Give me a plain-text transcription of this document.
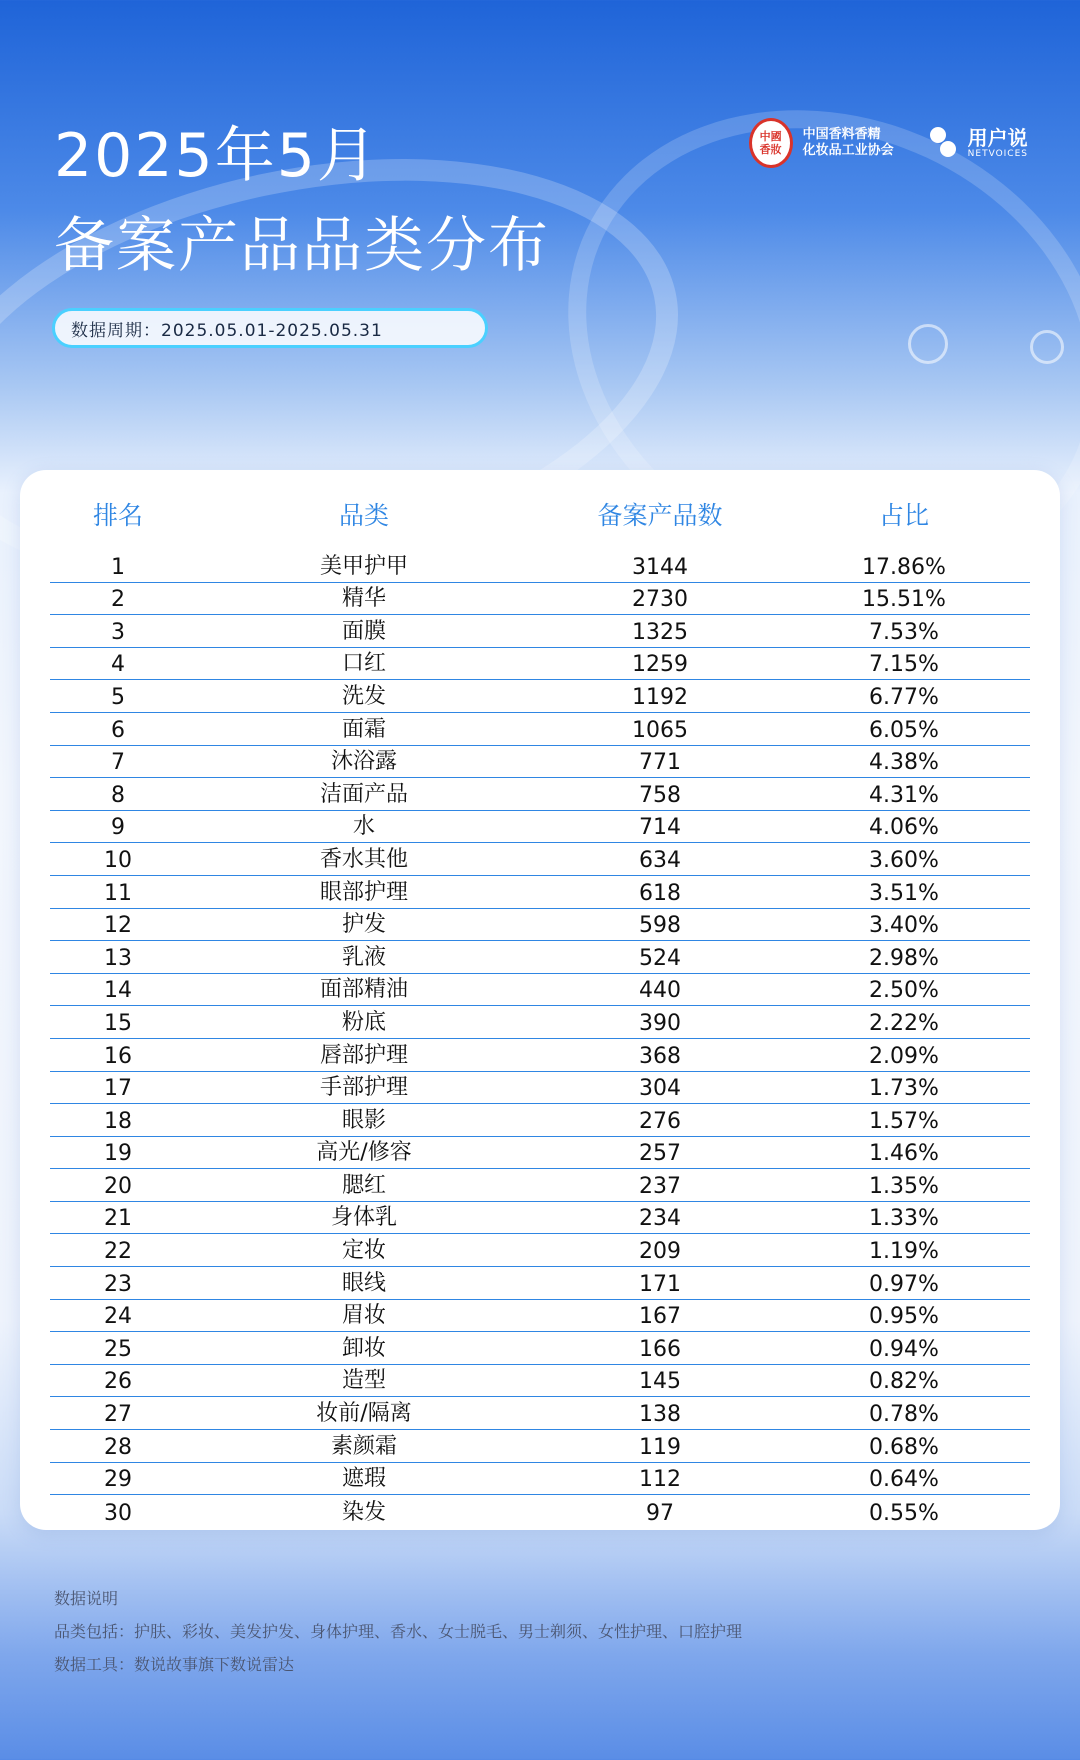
2025年5月
备案产品品类分布
数据周期：2025.05.01-2025.05.31
中國
香妝
中国香料香精
化妆品工业协会
用户说
NETVOICES
排名	品类	备案产品数	占比
1	美甲护甲	3144	17.86%
2	精华	2730	15.51%
3	面膜	1325	7.53%
4	口红	1259	7.15%
5	洗发	1192	6.77%
6	面霜	1065	6.05%
7	沐浴露	771	4.38%
8	洁面产品	758	4.31%
9	水	714	4.06%
10	香水其他	634	3.60%
11	眼部护理	618	3.51%
12	护发	598	3.40%
13	乳液	524	2.98%
14	面部精油	440	2.50%
15	粉底	390	2.22%
16	唇部护理	368	2.09%
17	手部护理	304	1.73%
18	眼影	276	1.57%
19	高光/修容	257	1.46%
20	腮红	237	1.35%
21	身体乳	234	1.33%
22	定妆	209	1.19%
23	眼线	171	0.97%
24	眉妆	167	0.95%
25	卸妆	166	0.94%
26	造型	145	0.82%
27	妆前/隔离	138	0.78%
28	素颜霜	119	0.68%
29	遮瑕	112	0.64%
30	染发	97	0.55%
数据说明
品类包括：护肤、彩妆、美发护发、身体护理、香水、女士脱毛、男士剃须、女性护理、口腔护理
数据工具：数说故事旗下数说雷达
